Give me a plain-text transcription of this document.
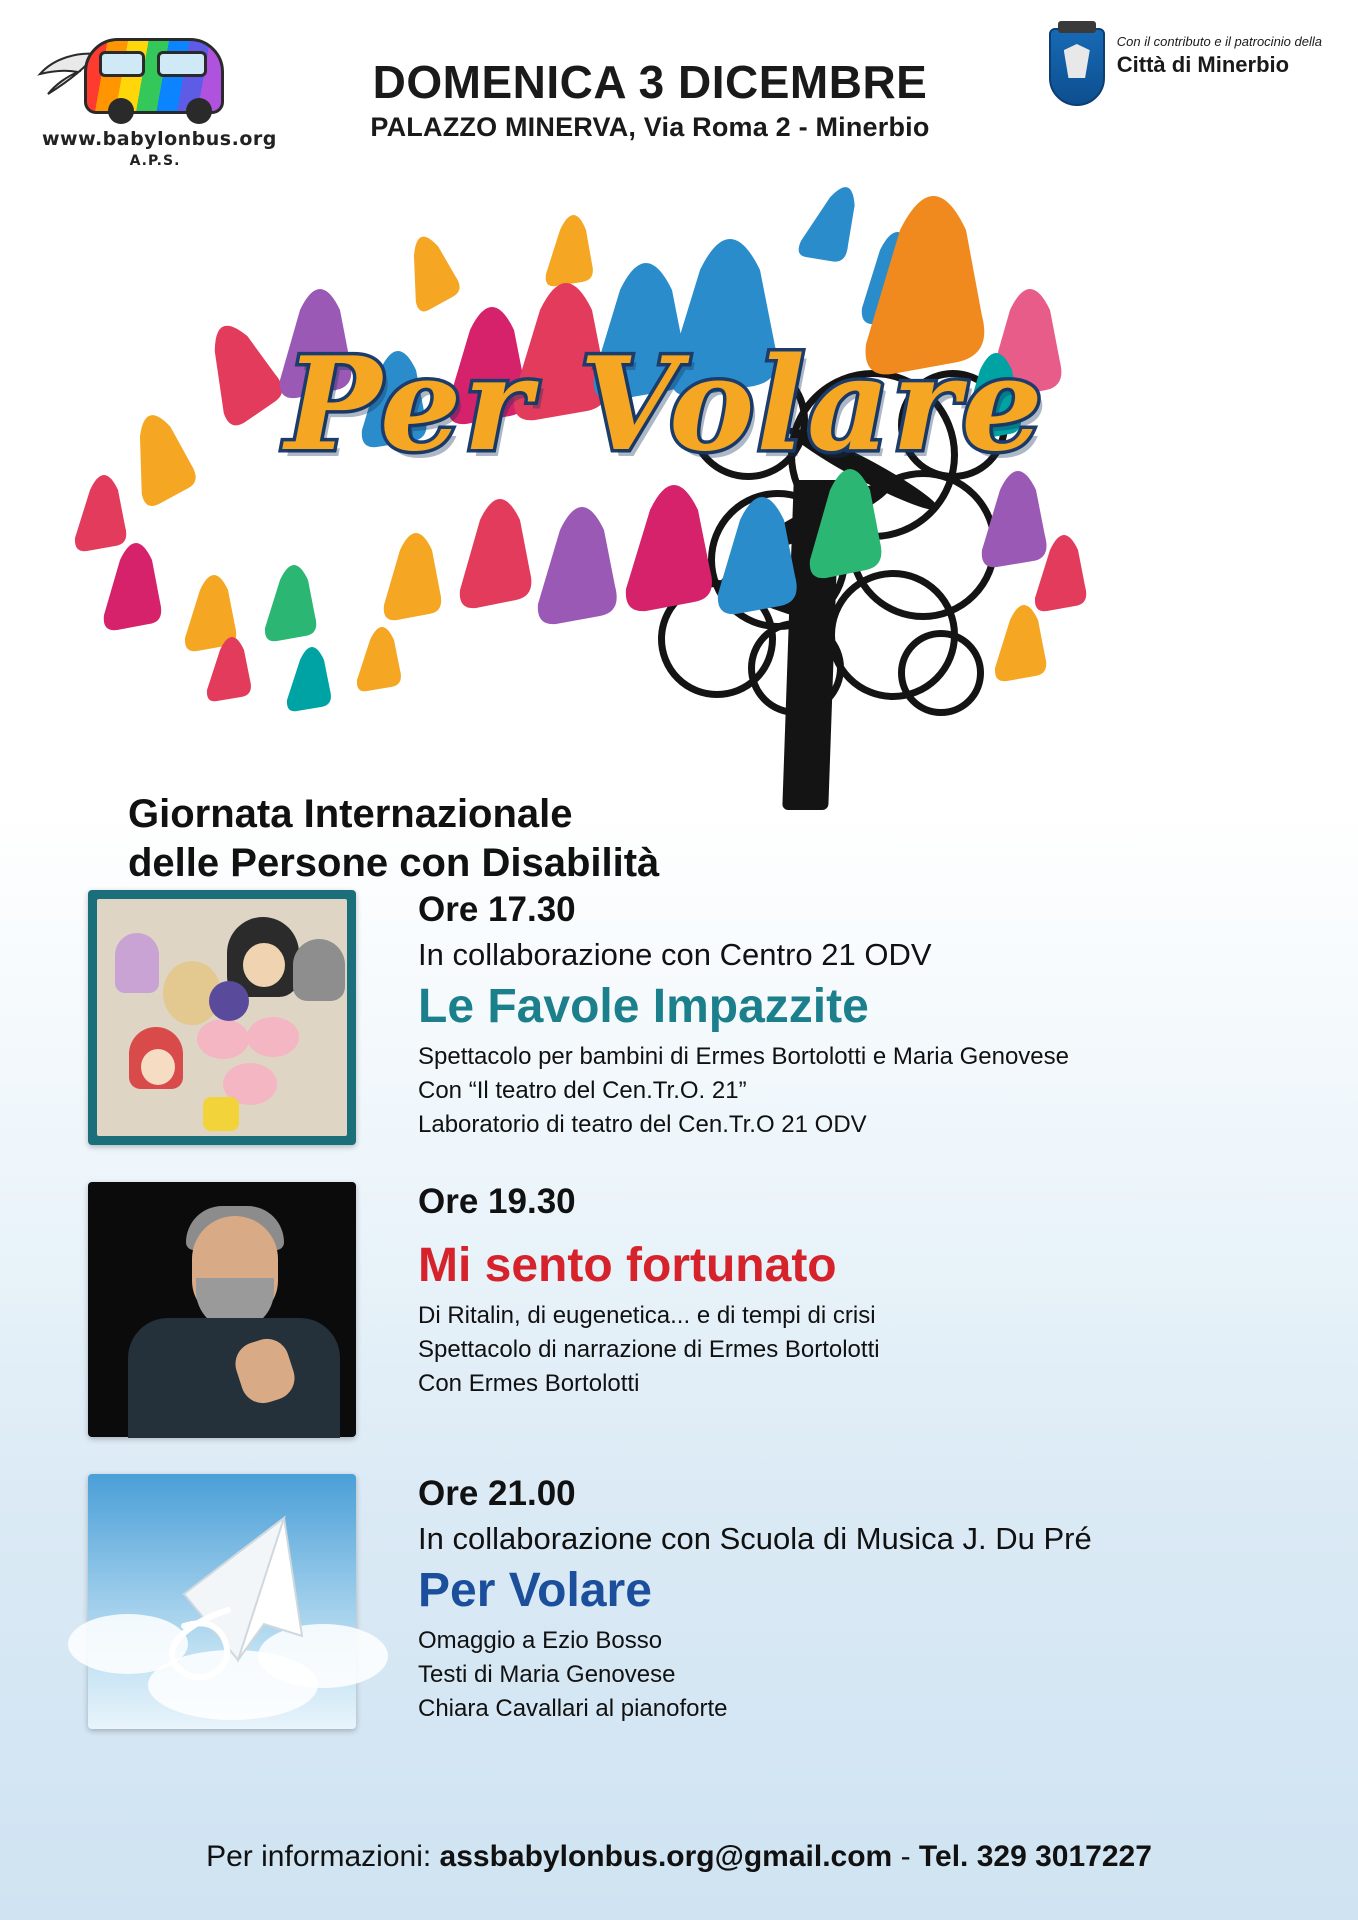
www.babylonbus.org
A.P.S.
DOMENICA 3 DICEMBRE
PALAZZO MINERVA, Via Roma 2 - Minerbio
Con il contributo e il patrocinio della
Città di Minerbio
Per Volare
Giornata Internazionale
delle Persone con Disabilità
Ore 17.30
In collaborazione con Centro 21 ODV
Le Favole Impazzite
Spettacolo per bambini di Ermes Bortolotti e Maria Genovese
Con “Il teatro del Cen.Tr.O. 21”
Laboratorio di teatro del Cen.Tr.O 21 ODV
Ore 19.30
Mi sento fortunato
Di Ritalin, di eugenetica... e di tempi di crisi
Spettacolo di narrazione di Ermes Bortolotti
Con Ermes Bortolotti
Ore 21.00
In collaborazione con Scuola di Musica J. Du Pré
Per Volare
Omaggio a Ezio Bosso
Testi di Maria Genovese
Chiara Cavallari al pianoforte
Per informazioni: assbabylonbus.org@gmail.com - Tel. 329 3017227
